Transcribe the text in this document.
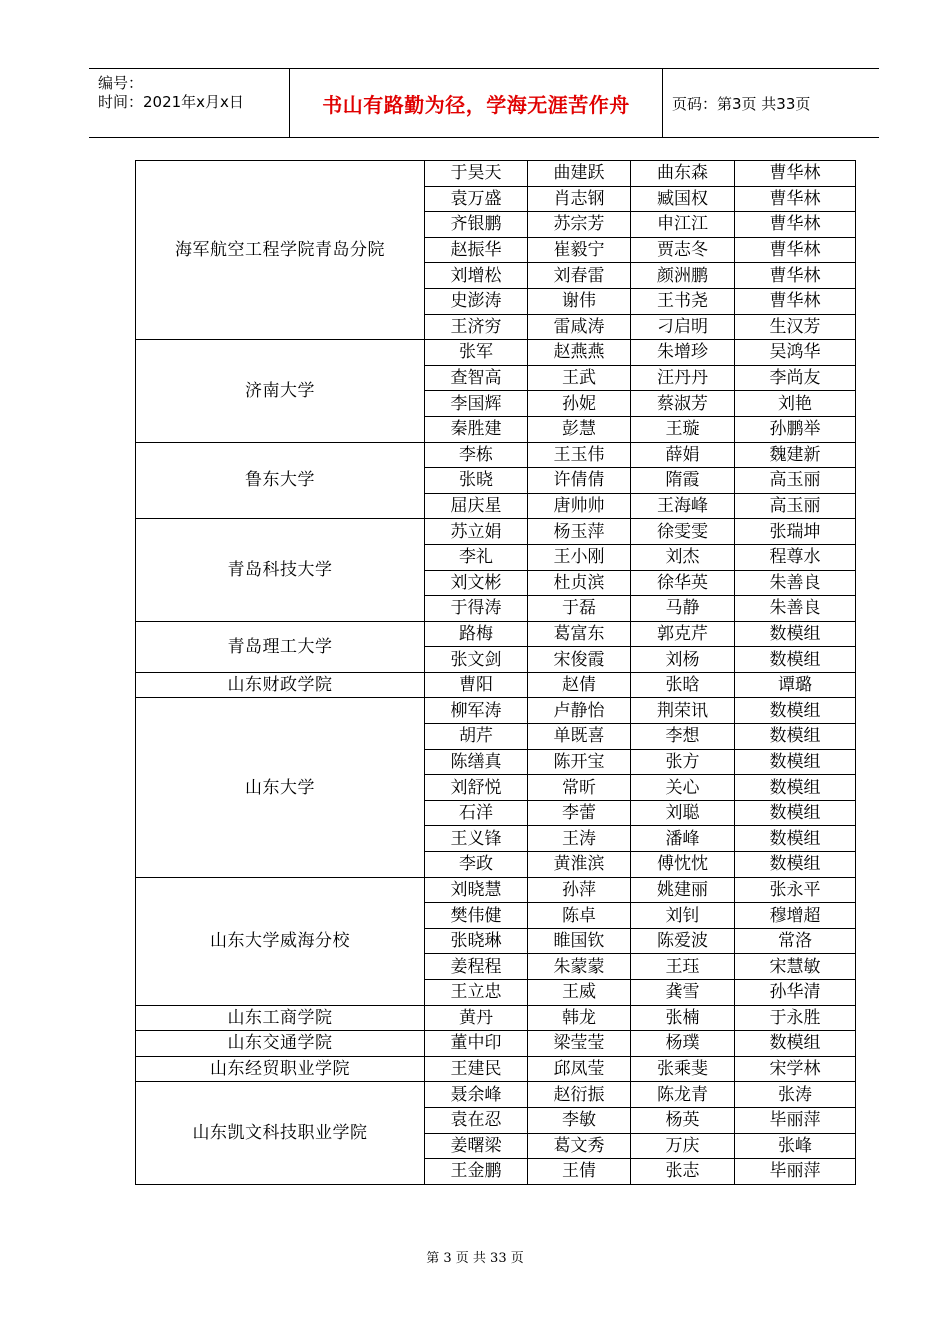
编号：
时间：2021年x月x日	书山有路勤为径，学海无涯苦作舟	页码：第3页 共33页
海军航空工程学院青岛分院	于昊天	曲建跃	曲东森	曹华林
	袁万盛	肖志钢	臧国权	曹华林
	齐银鹏	苏宗芳	申江江	曹华林
	赵振华	崔毅宁	贾志冬	曹华林
	刘增松	刘春雷	颜洲鹏	曹华林
	史澎涛	谢伟	王书尧	曹华林
	王济穷	雷咸涛	刁启明	生汉芳
济南大学	张军	赵燕燕	朱增珍	吴鸿华
	查智高	王武	汪丹丹	李尚友
	李国辉	孙妮	蔡淑芳	刘艳
	秦胜建	彭慧	王璇	孙鹏举
鲁东大学	李栋	王玉伟	薛娟	魏建新
	张晓	许倩倩	隋霞	高玉丽
	屈庆星	唐帅帅	王海峰	高玉丽
青岛科技大学	苏立娟	杨玉萍	徐雯雯	张瑞坤
	李礼	王小刚	刘杰	程尊水
	刘文彬	杜贞滨	徐华英	朱善良
	于得涛	于磊	马静	朱善良
青岛理工大学	路梅	葛富东	郭克芹	数模组
	张文剑	宋俊霞	刘杨	数模组
山东财政学院	曹阳	赵倩	张晗	谭璐
山东大学	柳军涛	卢静怡	荆荣讯	数模组
	胡芹	单既喜	李想	数模组
	陈缮真	陈开宝	张方	数模组
	刘舒悦	常昕	关心	数模组
	石洋	李蕾	刘聪	数模组
	王义锋	王涛	潘峰	数模组
	李政	黄淮滨	傅忱忱	数模组
山东大学威海分校	刘晓慧	孙萍	姚建丽	张永平
	樊伟健	陈卓	刘钊	穆增超
	张晓琳	睢国钦	陈爱波	常洛
	姜程程	朱蒙蒙	王珏	宋慧敏
	王立忠	王威	龚雪	孙华清
山东工商学院	黄丹	韩龙	张楠	于永胜
山东交通学院	董中印	梁莹莹	杨璞	数模组
山东经贸职业学院	王建民	邱凤莹	张乘斐	宋学林
山东凯文科技职业学院	聂余峰	赵衍振	陈龙青	张涛
	袁在忍	李敏	杨英	毕丽萍
	姜曙梁	葛文秀	万庆	张峰
	王金鹏	王倩	张志	毕丽萍
第 3 页 共 33 页
